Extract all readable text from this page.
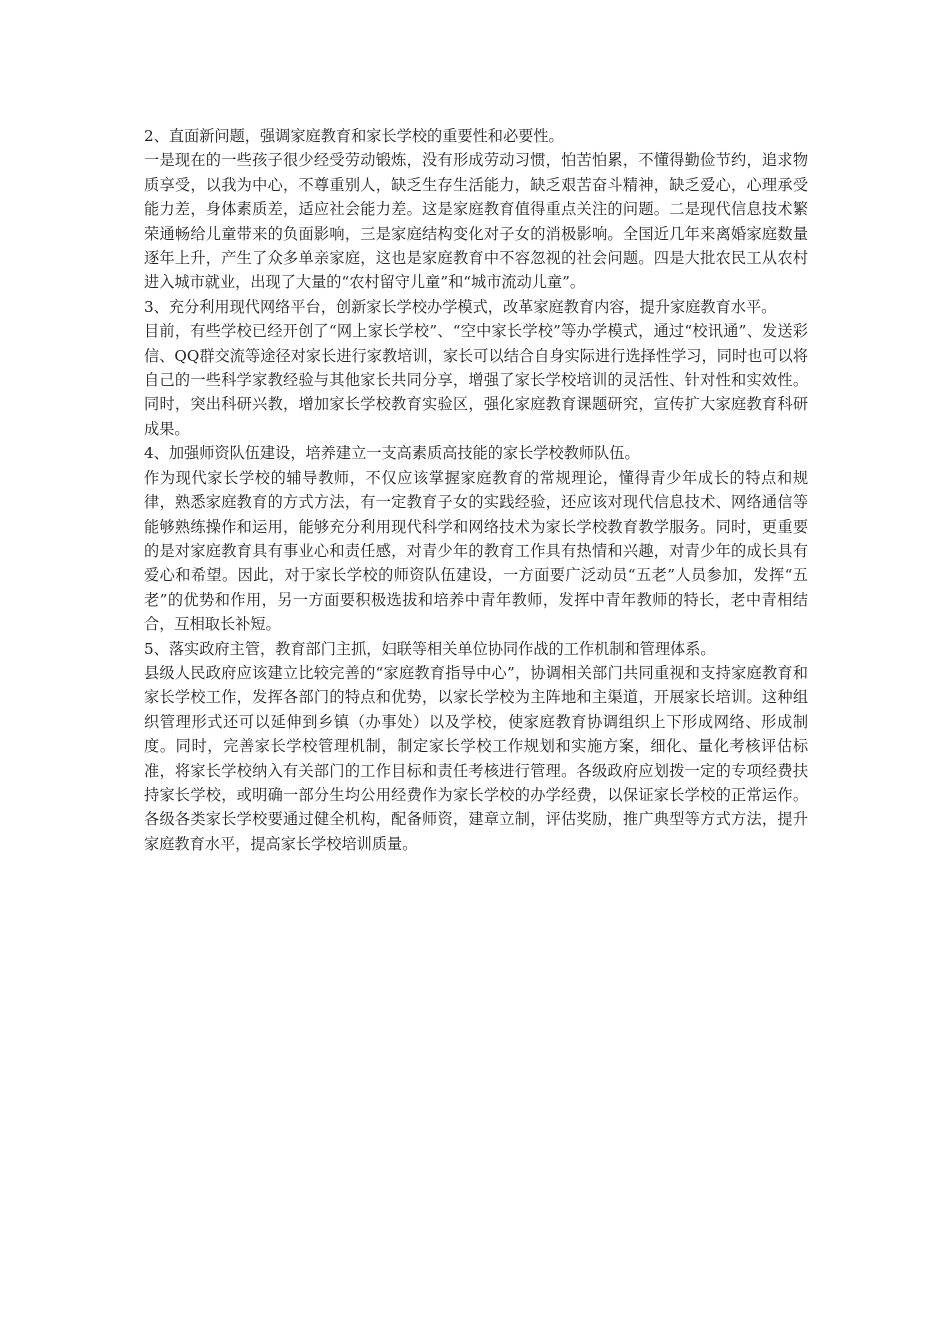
2、直面新问题，强调家庭教育和家长学校的重要性和必要性。

一是现在的一些孩子很少经受劳动锻炼，没有形成劳动习惯，怕苦怕累，不懂得勤俭节约，追求物质享受，以我为中心，不尊重别人，缺乏生存生活能力，缺乏艰苦奋斗精神，缺乏爱心，心理承受能力差，身体素质差，适应社会能力差。这是家庭教育值得重点关注的问题。二是现代信息技术繁荣通畅给儿童带来的负面影响，三是家庭结构变化对子女的消极影响。全国近几年来离婚家庭数量逐年上升，产生了众多单亲家庭，这也是家庭教育中不容忽视的社会问题。四是大批农民工从农村进入城市就业，出现了大量的“农村留守儿童”和“城市流动儿童”。

3、充分利用现代网络平台，创新家长学校办学模式，改革家庭教育内容，提升家庭教育水平。

目前，有些学校已经开创了“网上家长学校”、“空中家长学校”等办学模式，通过“校讯通”、发送彩信、QQ群交流等途径对家长进行家教培训，家长可以结合自身实际进行选择性学习，同时也可以将自己的一些科学家教经验与其他家长共同分享，增强了家长学校培训的灵活性、针对性和实效性。同时，突出科研兴教，增加家长学校教育实验区，强化家庭教育课题研究，宣传扩大家庭教育科研成果。

4、加强师资队伍建设，培养建立一支高素质高技能的家长学校教师队伍。

作为现代家长学校的辅导教师，不仅应该掌握家庭教育的常规理论，懂得青少年成长的特点和规律，熟悉家庭教育的方式方法，有一定教育子女的实践经验，还应该对现代信息技术、网络通信等能够熟练操作和运用，能够充分利用现代科学和网络技术为家长学校教育教学服务。同时，更重要的是对家庭教育具有事业心和责任感，对青少年的教育工作具有热情和兴趣，对青少年的成长具有爱心和希望。因此，对于家长学校的师资队伍建设，一方面要广泛动员“五老”人员参加，发挥“五老”的优势和作用，另一方面要积极选拔和培养中青年教师，发挥中青年教师的特长，老中青相结合，互相取长补短。

5、落实政府主管，教育部门主抓，妇联等相关单位协同作战的工作机制和管理体系。

县级人民政府应该建立比较完善的“家庭教育指导中心”，协调相关部门共同重视和支持家庭教育和家长学校工作，发挥各部门的特点和优势，以家长学校为主阵地和主渠道，开展家长培训。这种组织管理形式还可以延伸到乡镇（办事处）以及学校，使家庭教育协调组织上下形成网络、形成制度。同时，完善家长学校管理机制，制定家长学校工作规划和实施方案，细化、量化考核评估标准，将家长学校纳入有关部门的工作目标和责任考核进行管理。各级政府应划拨一定的专项经费扶持家长学校，或明确一部分生均公用经费作为家长学校的办学经费，以保证家长学校的正常运作。各级各类家长学校要通过健全机构，配备师资，建章立制，评估奖励，推广典型等方式方法，提升家庭教育水平，提高家长学校培训质量。
